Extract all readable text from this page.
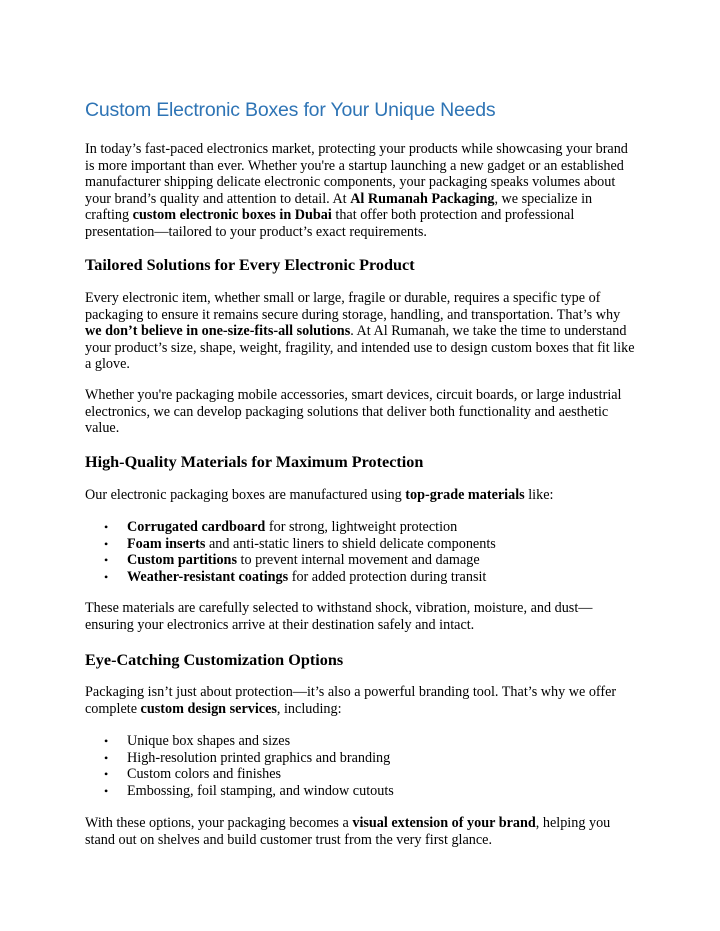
Custom Electronic Boxes for Your Unique Needs

In today’s fast-paced electronics market, protecting your products while showcasing your brand is more important than ever. Whether you're a startup launching a new gadget or an established manufacturer shipping delicate electronic components, your packaging speaks volumes about your brand’s quality and attention to detail. At Al Rumanah Packaging, we specialize in crafting custom electronic boxes in Dubai that offer both protection and professional presentation—tailored to your product’s exact requirements.

Tailored Solutions for Every Electronic Product

Every electronic item, whether small or large, fragile or durable, requires a specific type of packaging to ensure it remains secure during storage, handling, and transportation. That’s why we don’t believe in one-size-fits-all solutions. At Al Rumanah, we take the time to understand your product’s size, shape, weight, fragility, and intended use to design custom boxes that fit like a glove.

Whether you're packaging mobile accessories, smart devices, circuit boards, or large industrial electronics, we can develop packaging solutions that deliver both functionality and aesthetic value.

High-Quality Materials for Maximum Protection

Our electronic packaging boxes are manufactured using top-grade materials like:

• Corrugated cardboard for strong, lightweight protection
• Foam inserts and anti-static liners to shield delicate components
• Custom partitions to prevent internal movement and damage
• Weather-resistant coatings for added protection during transit

These materials are carefully selected to withstand shock, vibration, moisture, and dust—ensuring your electronics arrive at their destination safely and intact.

Eye-Catching Customization Options

Packaging isn’t just about protection—it’s also a powerful branding tool. That’s why we offer complete custom design services, including:

• Unique box shapes and sizes
• High-resolution printed graphics and branding
• Custom colors and finishes
• Embossing, foil stamping, and window cutouts

With these options, your packaging becomes a visual extension of your brand, helping you stand out on shelves and build customer trust from the very first glance.
